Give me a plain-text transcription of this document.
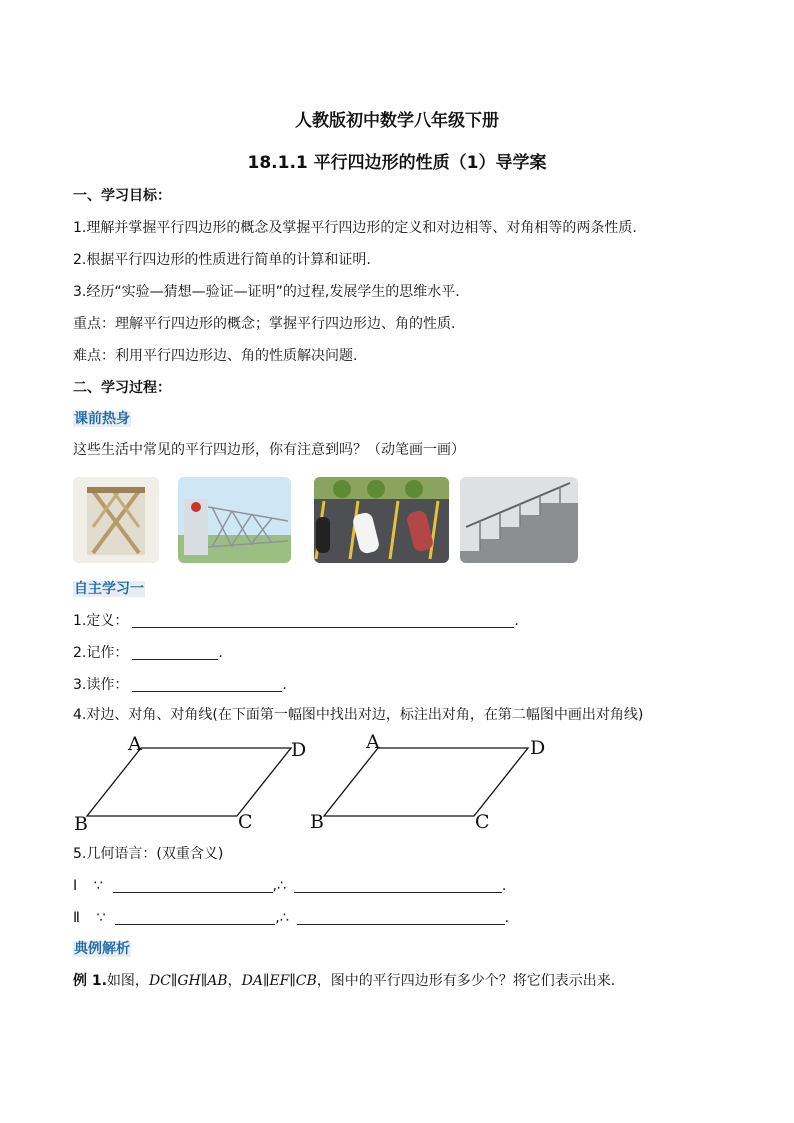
人教版初中数学八年级下册
18.1.1 平行四边形的性质（1）导学案
一、学习目标：
1.理解并掌握平行四边形的概念及掌握平行四边形的定义和对边相等、对角相等的两条性质.
2.根据平行四边形的性质进行简单的计算和证明.
3.经历“实验—猜想—验证—证明”的过程,发展学生的思维水平.
重点：理解平行四边形的概念；掌握平行四边形边、角的性质.
难点：利用平行四边形边、角的性质解决问题.
二、学习过程：
课前热身
这些生活中常见的平行四边形，你有注意到吗？（动笔画一画）
自主学习一
1.定义：	.
2.记作：	.
3.读作：	.
4.对边、对角、对角线(在下面第一幅图中找出对边，标注出对角，在第二幅图中画出对角线)
A	D
B	C
A	D
B	C
5.几何语言：(双重含义)
Ⅰ ∵	,∴	.
Ⅱ ∵	,∴	.
典例解析
例 1.如图，DC∥GH∥AB，DA∥EF∥CB，图中的平行四边形有多少个？将它们表示出来.
